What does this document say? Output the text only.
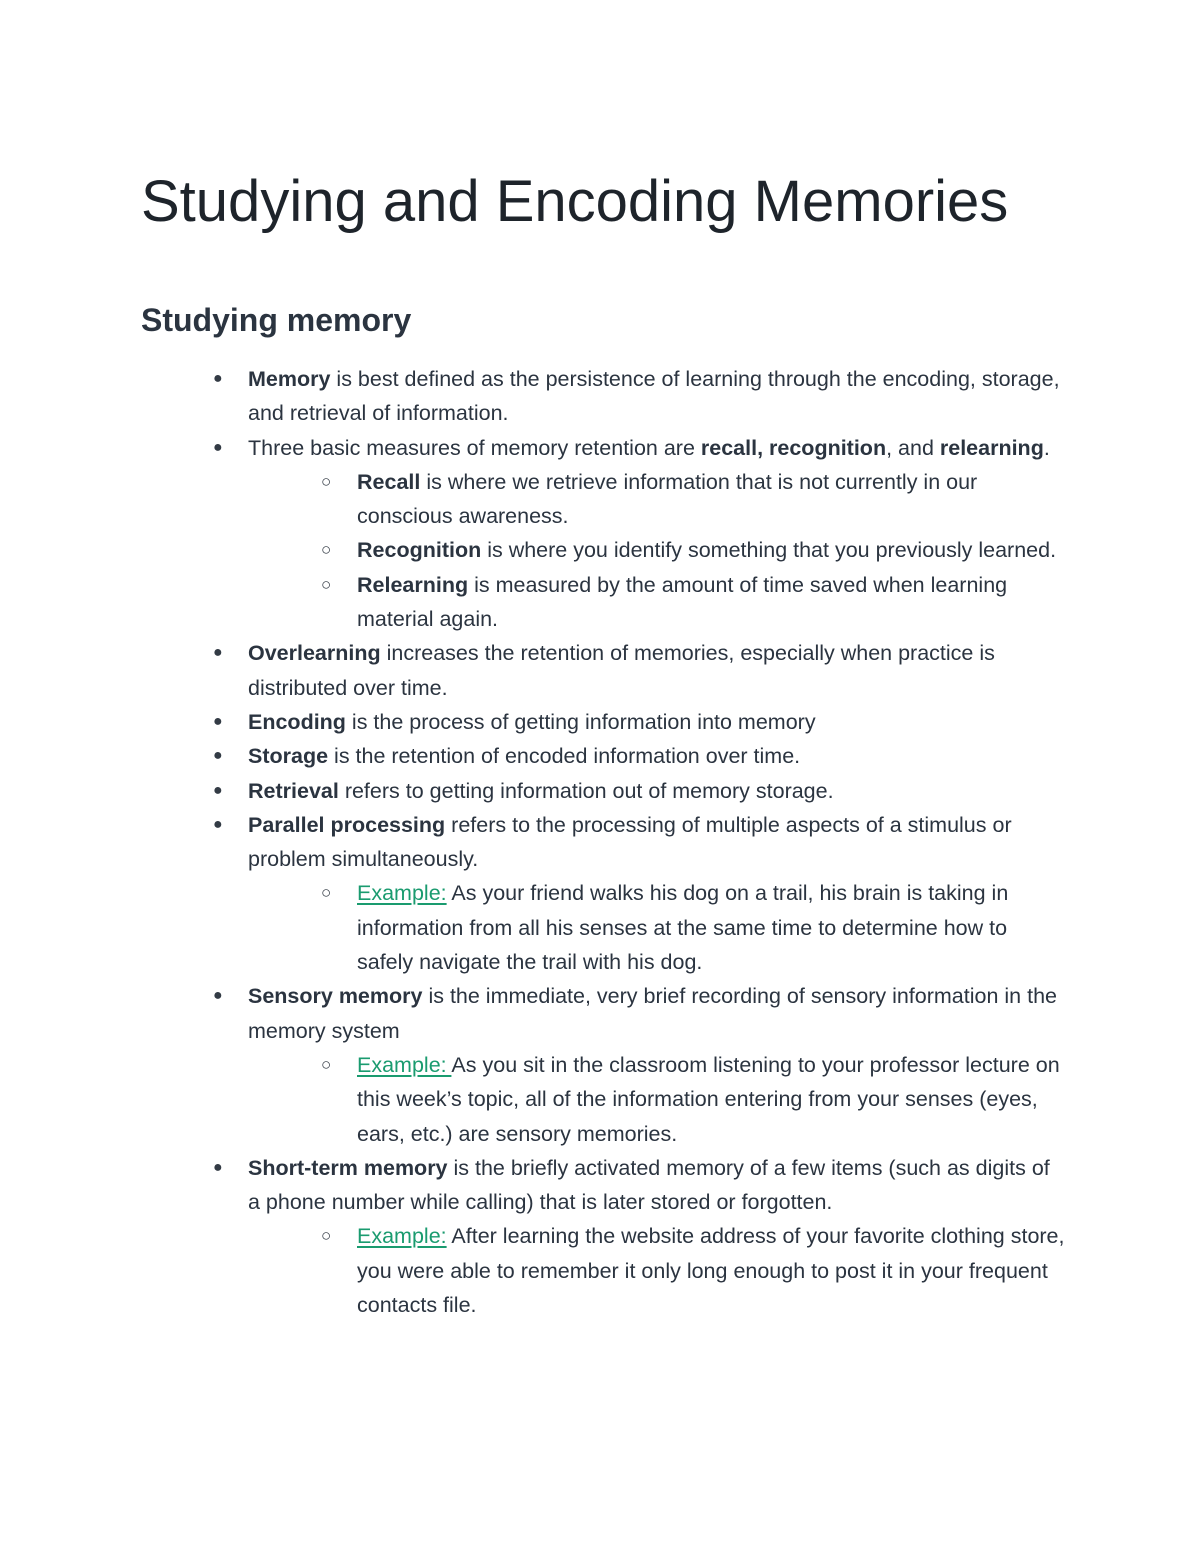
Studying and Encoding Memories
Studying memory
● Memory is best defined as the persistence of learning through the encoding, storage, and retrieval of information.
● Three basic measures of memory retention are recall, recognition, and relearning.
○ Recall is where we retrieve information that is not currently in our conscious awareness.
○ Recognition is where you identify something that you previously learned.
○ Relearning is measured by the amount of time saved when learning material again.
● Overlearning increases the retention of memories, especially when practice is distributed over time.
● Encoding is the process of getting information into memory
● Storage is the retention of encoded information over time.
● Retrieval refers to getting information out of memory storage.
● Parallel processing refers to the processing of multiple aspects of a stimulus or problem simultaneously.
○ Example: As your friend walks his dog on a trail, his brain is taking in information from all his senses at the same time to determine how to safely navigate the trail with his dog.
● Sensory memory is the immediate, very brief recording of sensory information in the memory system
○ Example: As you sit in the classroom listening to your professor lecture on this week’s topic, all of the information entering from your senses (eyes, ears, etc.) are sensory memories.
● Short-term memory is the briefly activated memory of a few items (such as digits of a phone number while calling) that is later stored or forgotten.
○ Example: After learning the website address of your favorite clothing store, you were able to remember it only long enough to post it in your frequent contacts file.
